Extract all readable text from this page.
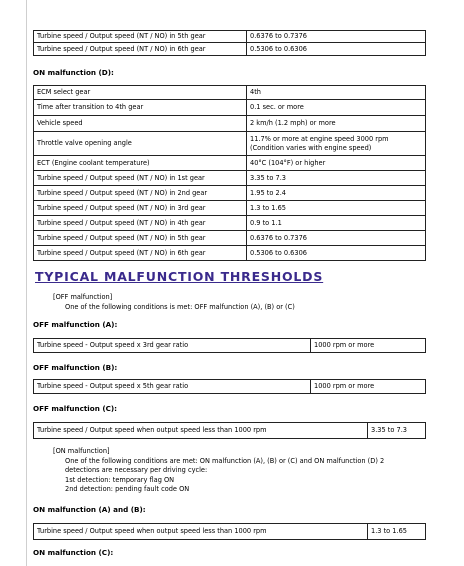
Turbine speed / Output speed (NT / NO) in 5th gear	0.6376 to 0.7376
Turbine speed / Output speed (NT / NO) in 6th gear	0.5306 to 0.6306
ON malfunction (D):
ECM select gear	4th
Time after transition to 4th gear	0.1 sec. or more
Vehicle speed	2 km/h (1.2 mph) or more
Throttle valve opening angle	11.7% or more at engine speed 3000 rpm
(Condition varies with engine speed)

ECT (Engine coolant temperature)	40°C (104°F) or higher
Turbine speed / Output speed (NT / NO) in 1st gear	3.35 to 7.3
Turbine speed / Output speed (NT / NO) in 2nd gear	1.95 to 2.4
Turbine speed / Output speed (NT / NO) in 3rd gear	1.3 to 1.65
Turbine speed / Output speed (NT / NO) in 4th gear	0.9 to 1.1
Turbine speed / Output speed (NT / NO) in 5th gear	0.6376 to 0.7376
Turbine speed / Output speed (NT / NO) in 6th gear	0.5306 to 0.6306
TYPICAL MALFUNCTION THRESHOLDS
[OFF malfunction]
One of the following conditions is met: OFF malfunction (A), (B) or (C)
OFF malfunction (A):
Turbine speed - Output speed x 3rd gear ratio	1000 rpm or more
OFF malfunction (B):
Turbine speed - Output speed x 5th gear ratio	1000 rpm or more
OFF malfunction (C):
Turbine speed / Output speed when output speed less than 1000 rpm	3.35 to 7.3
[ON malfunction]
One of the following conditions are met: ON malfunction (A), (B) or (C) and ON malfunction (D) 2
detections are necessary per driving cycle:
1st detection: temporary flag ON
2nd detection: pending fault code ON
ON malfunction (A) and (B):
Turbine speed / Output speed when output speed less than 1000 rpm	1.3 to 1.65
ON malfunction (C):
